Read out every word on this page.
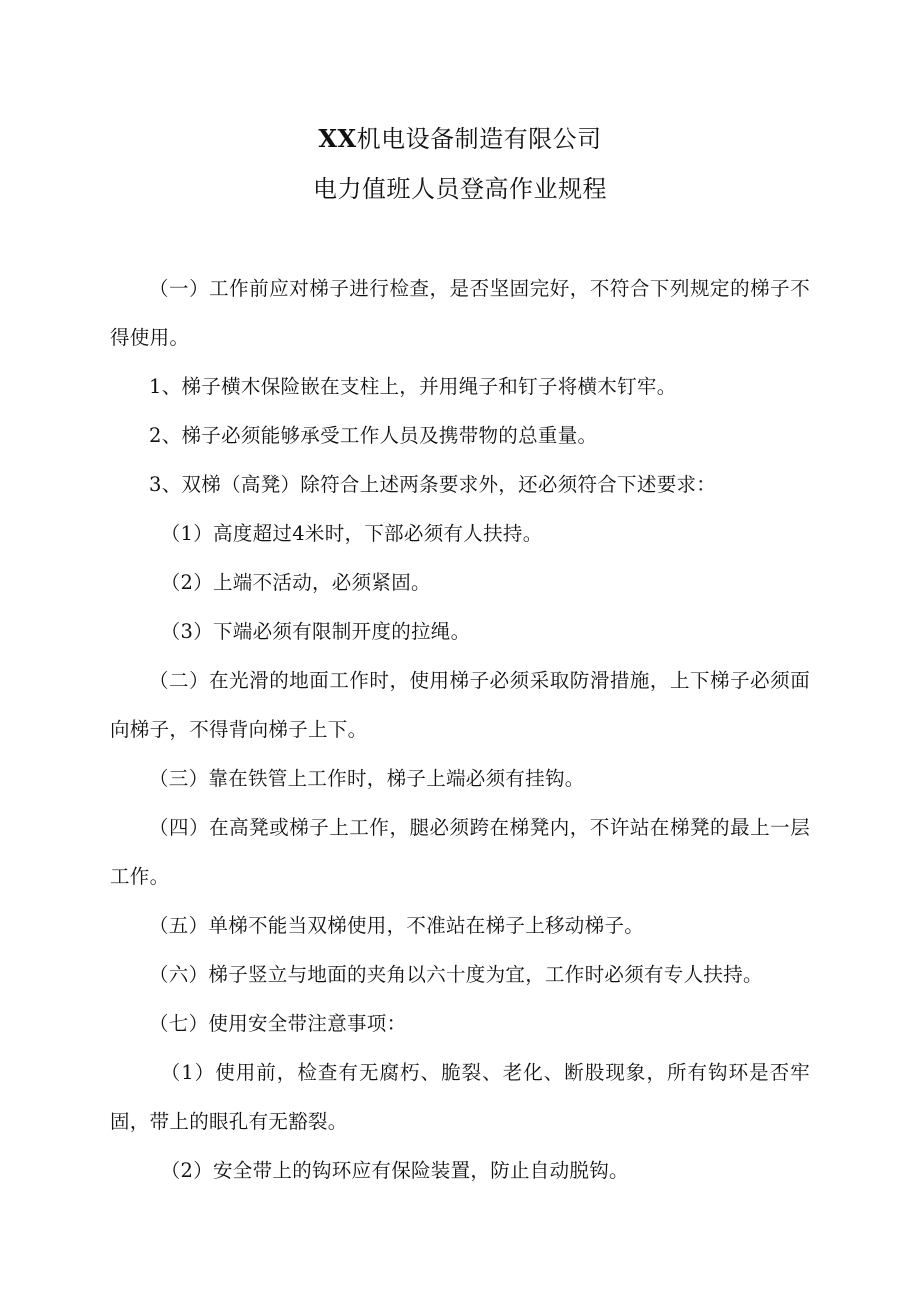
XX机电设备制造有限公司
电力值班人员登高作业规程

（一）工作前应对梯子进行检查，是否坚固完好，不符合下列规定的梯子不得使用。

1、梯子横木保险嵌在支柱上，并用绳子和钉子将横木钉牢。

2、梯子必须能够承受工作人员及携带物的总重量。

3、双梯（高凳）除符合上述两条要求外，还必须符合下述要求：

（1）高度超过4米时，下部必须有人扶持。

（2）上端不活动，必须紧固。

（3）下端必须有限制开度的拉绳。

（二）在光滑的地面工作时，使用梯子必须采取防滑措施，上下梯子必须面向梯子，不得背向梯子上下。

（三）靠在铁管上工作时，梯子上端必须有挂钩。

（四）在高凳或梯子上工作，腿必须跨在梯凳内，不许站在梯凳的最上一层工作。

（五）单梯不能当双梯使用，不准站在梯子上移动梯子。

（六）梯子竖立与地面的夹角以六十度为宜，工作时必须有专人扶持。

（七）使用安全带注意事项：

（1）使用前，检查有无腐朽、脆裂、老化、断股现象，所有钩环是否牢固，带上的眼孔有无豁裂。

（2）安全带上的钩环应有保险装置，防止自动脱钩。
